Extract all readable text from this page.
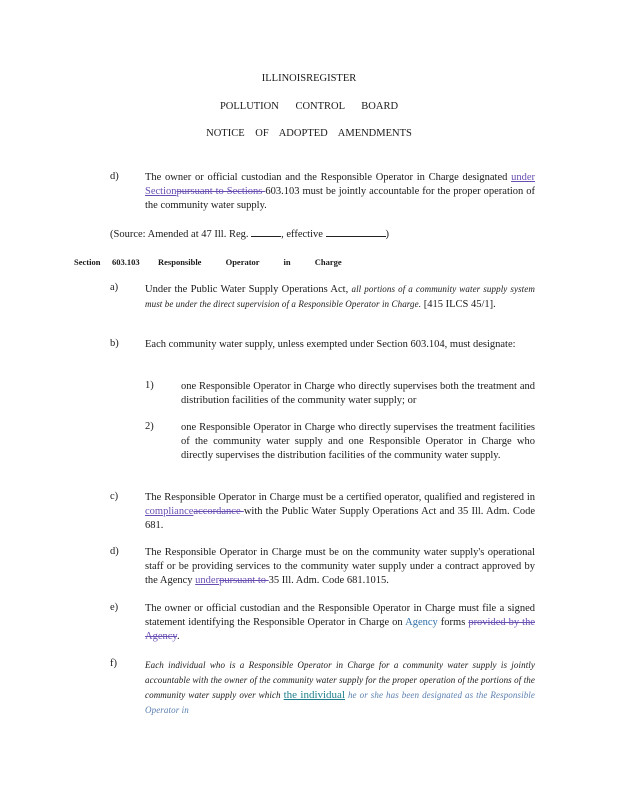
ILLINOISREGISTER
POLLUTION CONTROL BOARD
NOTICE OF ADOPTED AMENDMENTS
d)	The owner or official custodian and the Responsible Operator in Charge designated under Sectionpursuant to Sections 603.103 must be jointly accountable for the proper operation of the community water supply.
(Source: Amended at 47 Ill. Reg.	, effective	)
Section 603.103 Responsible Operator in Charge
a)	Under the Public Water Supply Operations Act, all portions of a community water supply system must be under the direct supervision of a Responsible Operator in Charge. [415 ILCS 45/1].
b)	Each community water supply, unless exempted under Section 603.104, must designate:
1)	one Responsible Operator in Charge who directly supervises both the treatment and distribution facilities of the community water supply; or
2)	one Responsible Operator in Charge who directly supervises the treatment facilities of the community water supply and one Responsible Operator in Charge who directly supervises the distribution facilities of the community water supply.
c)	The Responsible Operator in Charge must be a certified operator, qualified and registered in complianceaccordance with the Public Water Supply Operations Act and 35 Ill. Adm. Code 681.
d)	The Responsible Operator in Charge must be on the community water supply's operational staff or be providing services to the community water supply under a contract approved by the Agency underpursuant to 35 Ill. Adm. Code 681.1015.
e)	The owner or official custodian and the Responsible Operator in Charge must file a signed statement identifying the Responsible Operator in Charge on Agency forms provided by the Agency.
f)	Each individual who is a Responsible Operator in Charge for a community water supply is jointly accountable with the owner of the community water supply for the proper operation of the portions of the community water supply over which the individual he or she has been designated as the Responsible Operator in
